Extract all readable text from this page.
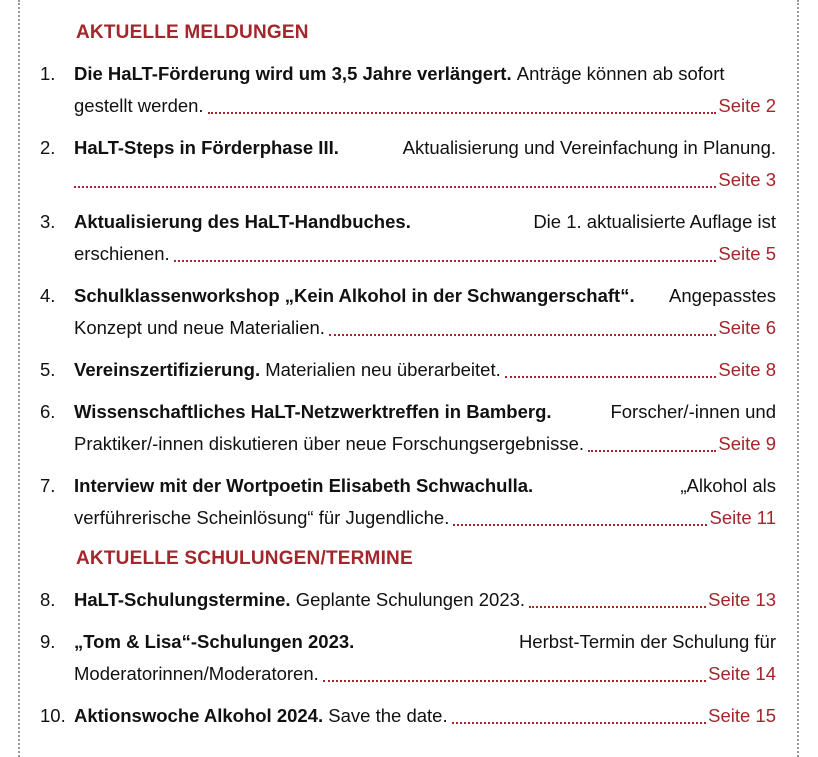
AKTUELLE MELDUNGEN
1.	Die HaLT-Förderung wird um 3,5 Jahre verlängert.
Anträge können ab sofort
gestellt werden.	Seite 2
2.	HaLT-Steps in Förderphase III.	Aktualisierung und Vereinfachung in Planung.
Seite 3
3.	Aktualisierung des HaLT-Handbuches.	Die 1. aktualisierte Auflage ist
erschienen.	Seite 5
4.	Schulklassenworkshop „Kein Alkohol in der Schwangerschaft“. Angepasstes
Konzept und neue Materialien.	Seite 6
5.	Vereinszertifizierung.
Materialien neu überarbeitet.	Seite 8
6.	Wissenschaftliches HaLT-Netzwerktreffen in Bamberg.	Forscher/-innen und
Praktiker/-innen diskutieren über neue Forschungsergebnisse.	Seite 9
7.	Interview mit der Wortpoetin Elisabeth Schwachulla.	„Alkohol als
verführerische Scheinlösung“ für Jugendliche.	Seite 11
AKTUELLE SCHULUNGEN/TERMINE
8.	HaLT-Schulungstermine.
Geplante Schulungen 2023.	Seite 13
9.	„Tom & Lisa“-Schulungen 2023.	Herbst-Termin der Schulung für
Moderatorinnen/Moderatoren.	Seite 14
10. Aktionswoche Alkohol 2024.
Save the date.	Seite 15
